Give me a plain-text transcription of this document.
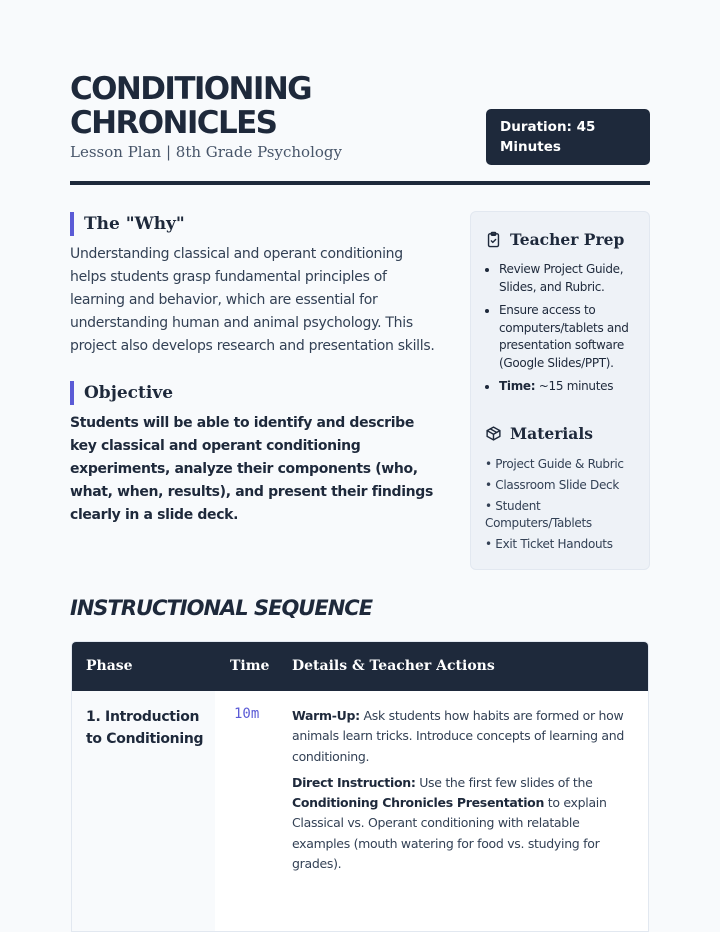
CONDITIONING
CHRONICLES
Lesson Plan | 8th Grade Psychology
Duration: 45
Minutes
The "Why"

Understanding classical and operant conditioning helps students grasp fundamental principles of learning and behavior, which are essential for understanding human and animal psychology. This project also develops research and presentation skills.

Objective

Students will be able to identify and describe key classical and operant conditioning experiments, analyze their components (who, what, when, results), and present their findings clearly in a slide deck.

Teacher Prep
• Review Project Guide, Slides, and Rubric.
• Ensure access to computers/tablets and presentation software (Google Slides/PPT).
• Time: ~15 minutes
Materials
• Project Guide & Rubric
• Classroom Slide Deck
• Student Computers/Tablets
• Exit Ticket Handouts
INSTRUCTIONAL SEQUENCE
Phase	Time Details & Teacher Actions
1. Introduction to Conditioning
10m	Warm-Up: Ask students how habits are formed or how animals learn tricks. Introduce concepts of learning and conditioning.

Direct Instruction: Use the first few slides of the Conditioning Chronicles Presentation to explain Classical vs. Operant conditioning with relatable examples (mouth watering for food vs. studying for grades).
